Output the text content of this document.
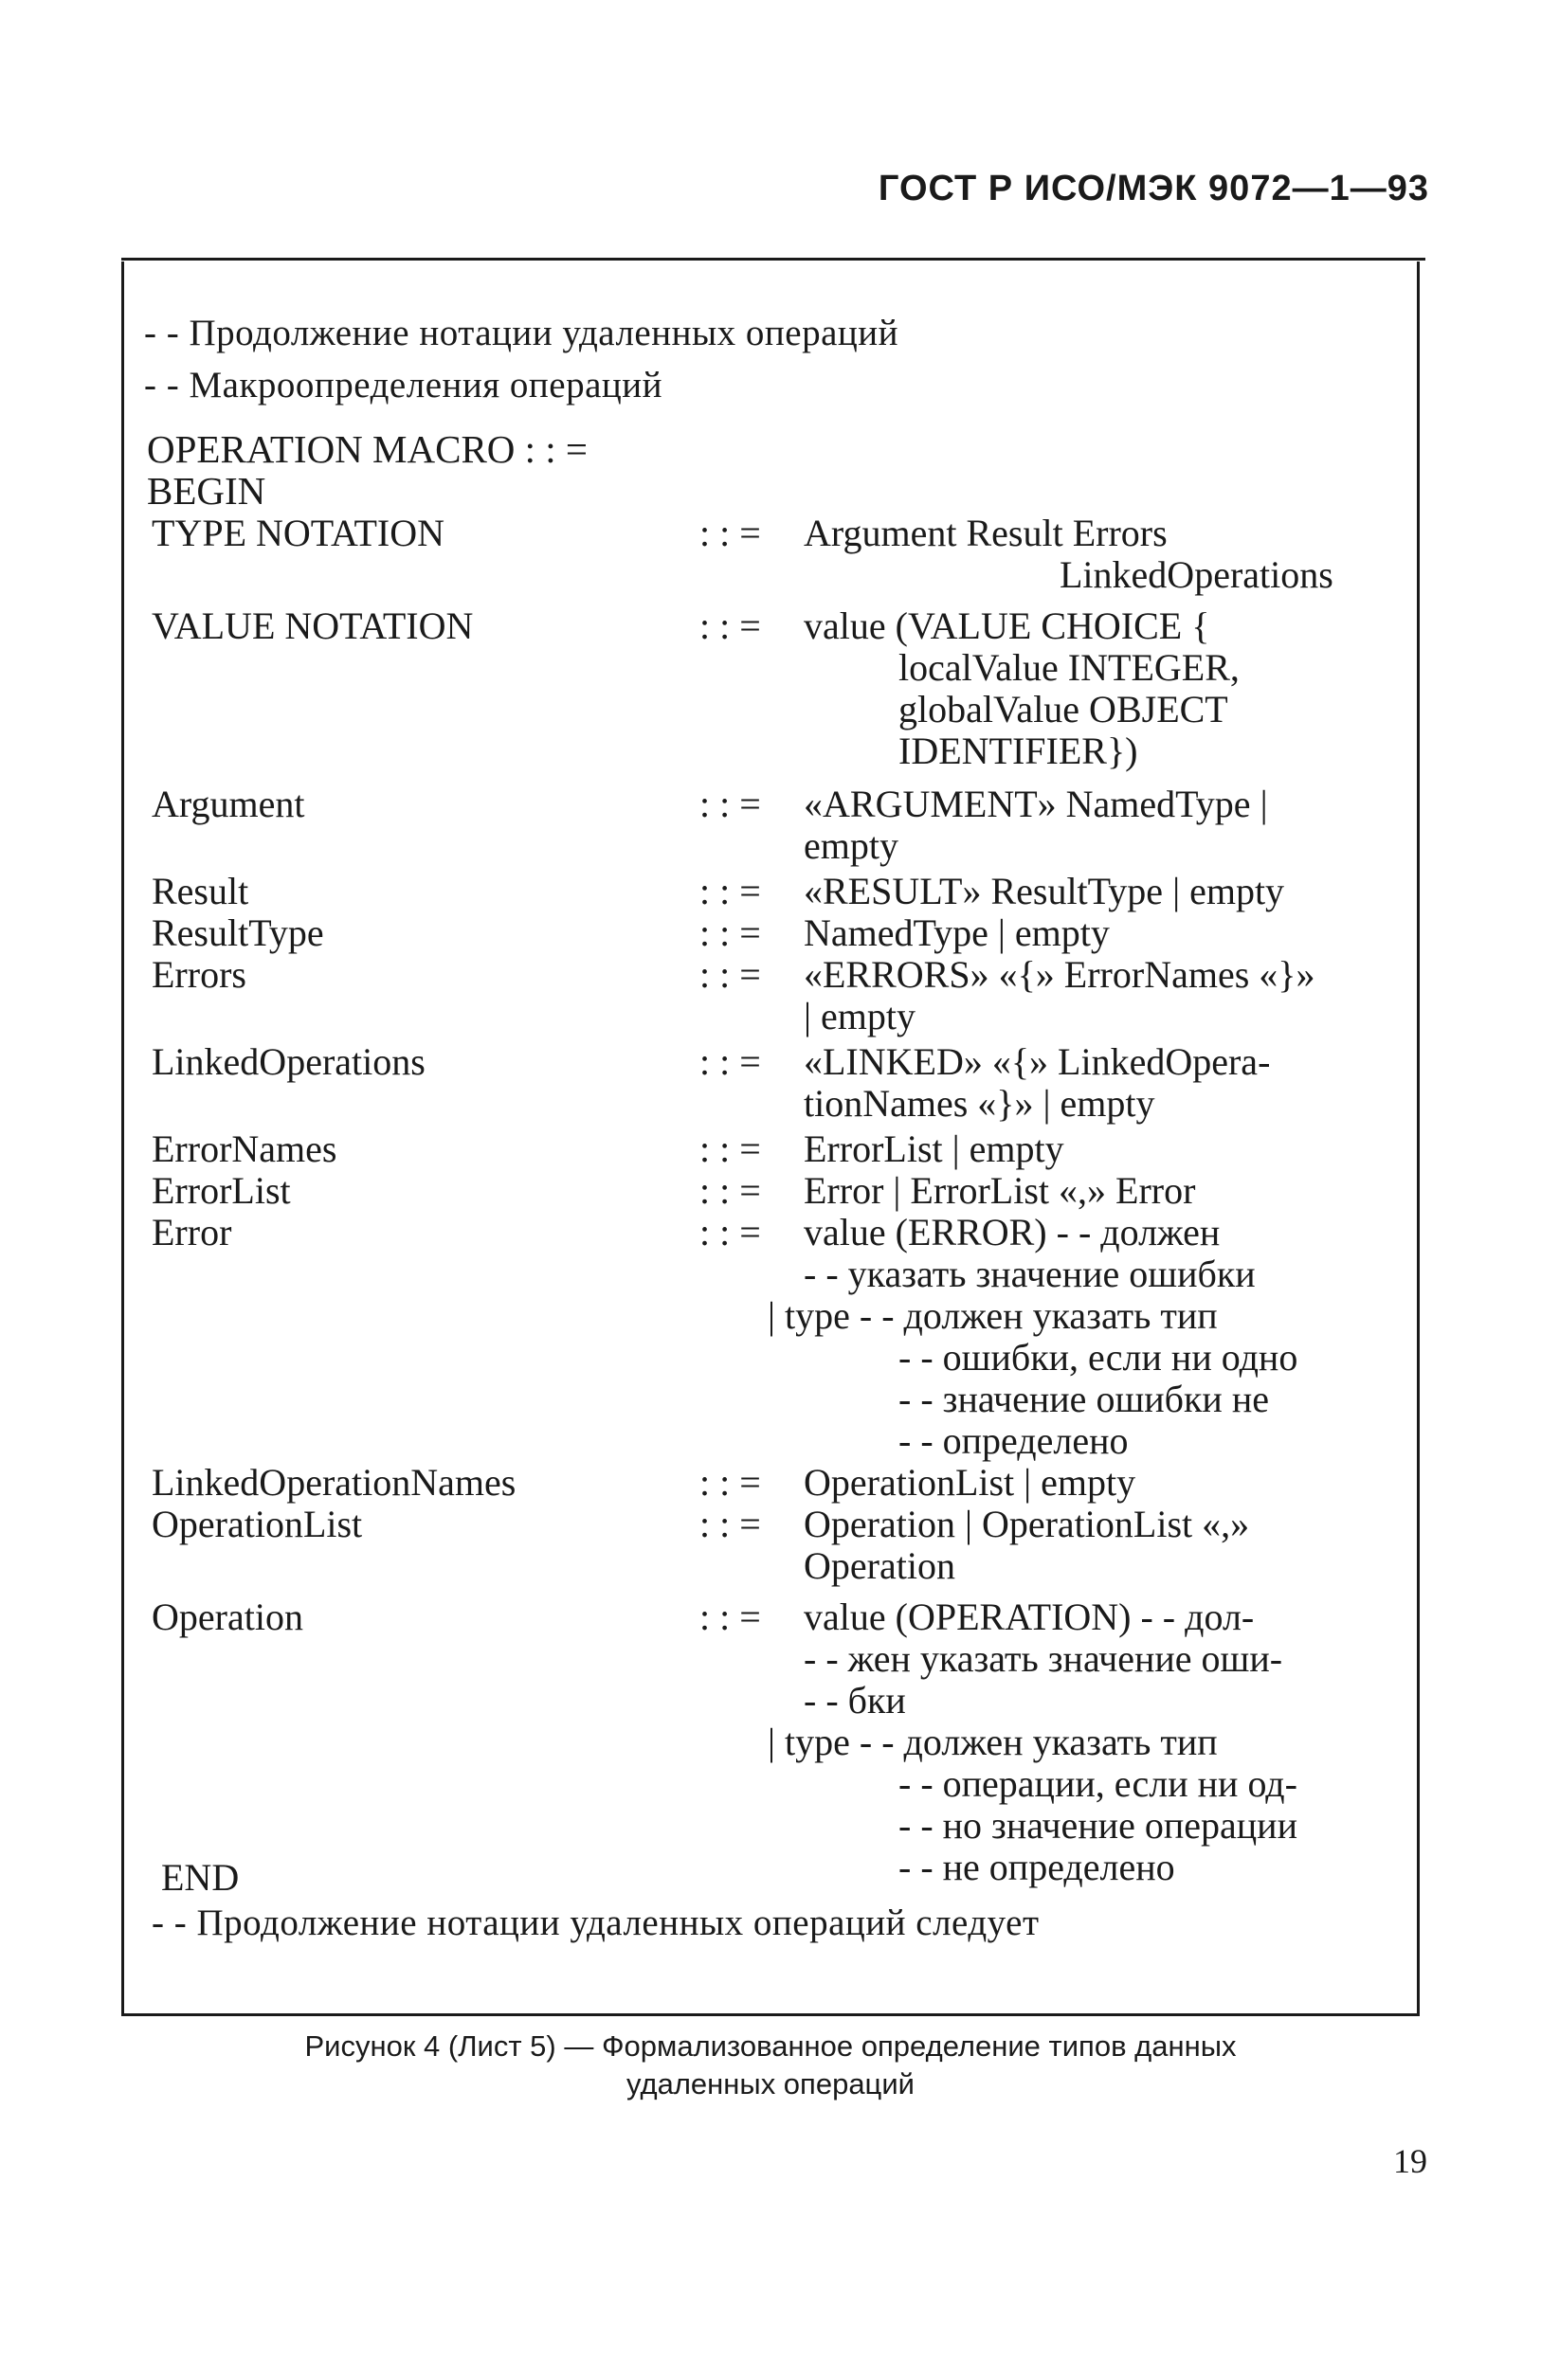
ГОСТ Р ИСО/МЭК 9072—1—93
- - Продолжение нотации удаленных операций
- - Макроопределения операций
OPERATION MACRO : : =
BEGIN
TYPE NOTATION	: : = Argument Result Errors
LinkedOperations
VALUE NOTATION	: : = value (VALUE CHOICE {
localValue INTEGER,
globalValue OBJECT
IDENTIFIER})
Argument	: : = «ARGUMENT» NamedType |
empty
Result	: : = «RESULT» ResultType | empty
ResultType	: : = NamedType | empty
Errors	: : = «ERRORS» «{» ErrorNames «}»
| empty
LinkedOperations	: : = «LINKED» «{» LinkedOpera-
tionNames «}» | empty
ErrorNames	: : = ErrorList | empty
ErrorList	: : = Error | ErrorList «,» Error
Error	: : = value (ERROR) - - должен
- - указать значение ошибки
| type - - должен указать тип
- - ошибки, если ни одно
- - значение ошибки не
- - определено
LinkedOperationNames	: : = OperationList | empty
OperationList	: : = Operation | OperationList «,»
Operation
Operation	: : = value (OPERATION) - - дол-
- - жен указать значение оши-
- - бки
| type - - должен указать тип
- - операции, если ни од-
- - но значение операции
- - не определено
END
- - Продолжение нотации удаленных операций следует
Рисунок 4 (Лист 5) — Формализованное определение типов данных
удаленных операций
19
